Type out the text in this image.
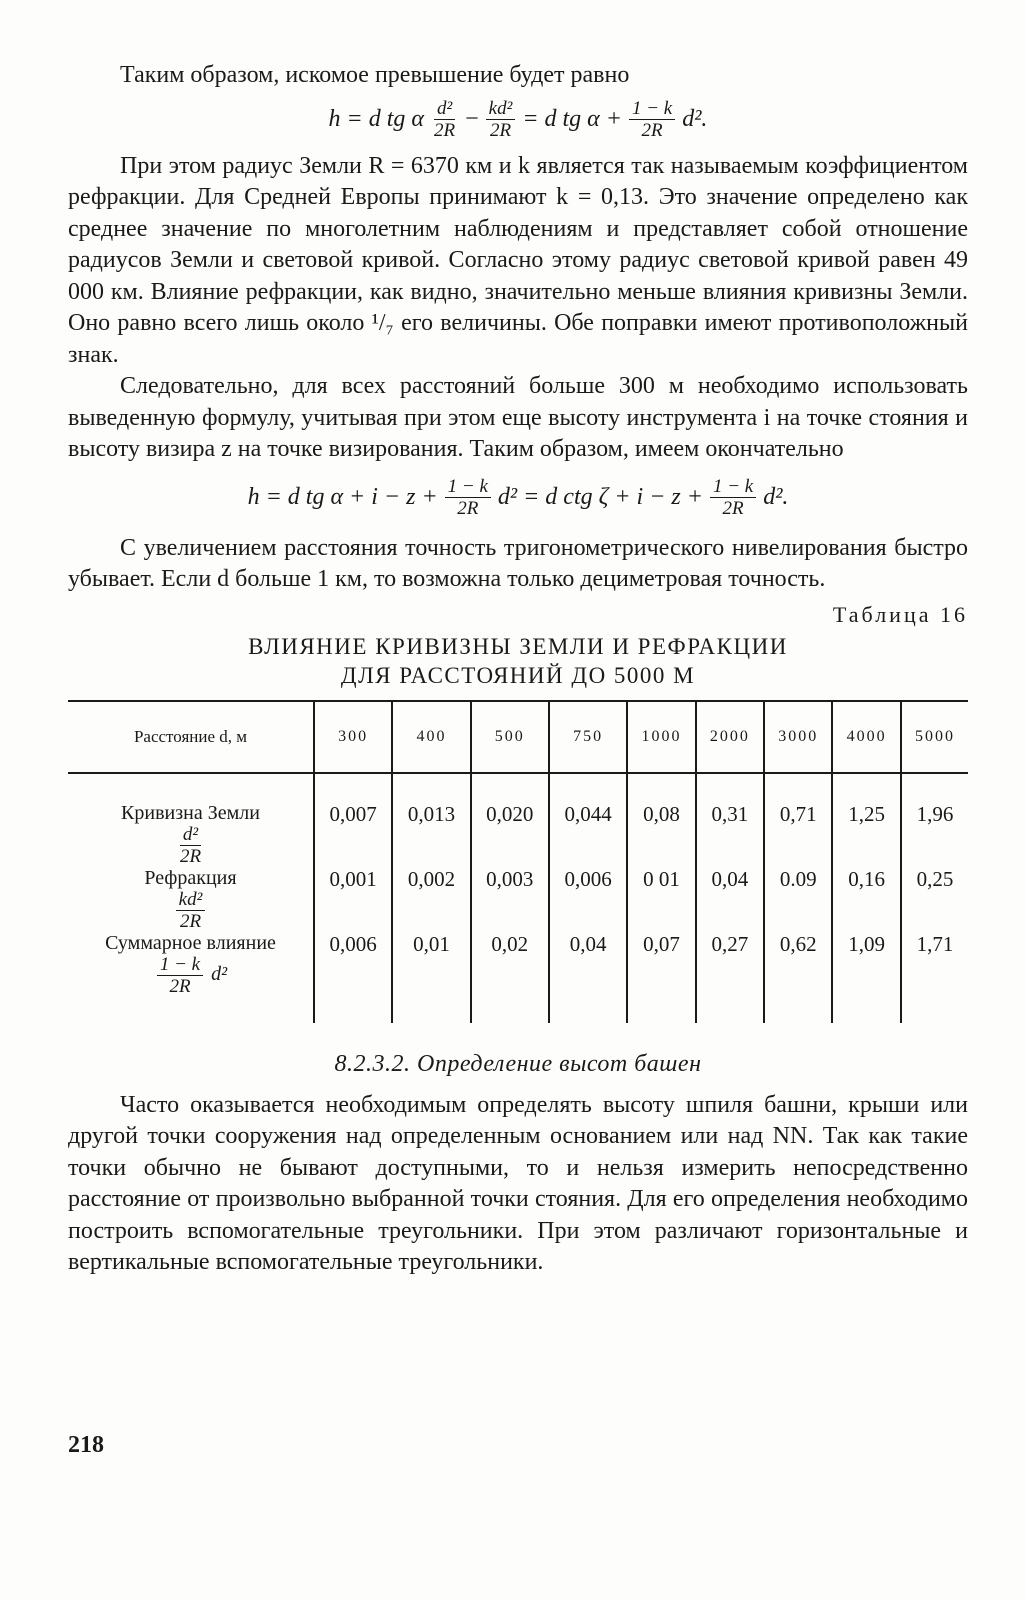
Таким образом, искомое превышение будет равно

h = d tg α $\frac{\text{d²}}{2R} - \frac{\text{kd²}}{2R} = d$ tg $\alpha + \frac{1 - k}{2R} d^2$.

При этом радиус Земли R = 6370 км и k является так называемым коэффициентом рефракции. Для Средней Европы принимают k = 0,13. Это значение определено как среднее значение по многолетним наблюдениям и представляет собой отношение радиусов Земли и световой кривой. Согласно этому радиус световой кривой равен 49 000 км. Влияние рефракции, как видно, значительно меньше влияния кривизны Земли. Оно равно всего лишь около ¹/₇ его величины. Обе поправки имеют противоположный знак.

Следовательно, для всех расстояний больше 300 м необходимо использовать выведенную формулу, учитывая при этом еще высоту инструмента i на точке стояния и высоту визира z на точке визирования. Таким образом, имеем окончательно

h = d tg $\alpha + i - z + \frac{1 - k}{2R} d^2 = d$ ctg $\zeta + i - z + \frac{1 - k}{2R} d^2$.

С увеличением расстояния точность тригонометрического нивелирования быстро убывает. Если d больше 1 км, то возможна только дециметровая точность.

Таблица 16

ВЛИЯНИЕ КРИВИЗНЫ ЗЕМЛИ И РЕФРАКЦИИ
ДЛЯ РАССТОЯНИЙ ДО 5000 М
Расстояние d, м	300	400	500	750	1000	2000	3000	4000	5000

Кривизна Земли
$\frac{\text{d²}}{2R}$	0,007	0,013	0,020	0,044	0,08	0,31	0,71	1,25	1,96

Рефракция
$\frac{\text{kd²}}{2R}$	0,001	0,002	0,003	0,006	0 01	0,04	0.09	0,16	0,25

Суммарное влияние
$\frac{1 - k}{2R} d^2$	0,006	0,01	0,02	0,04	0,07	0,27	0,62	1,09	1,71
8.2.3.2. Определение высот башен

Часто оказывается необходимым определять высоту шпиля башни, крыши или другой точки сооружения над определенным основанием или над NN. Так как такие точки обычно не бывают доступными, то и нельзя измерить непосредственно расстояние от произвольно выбранной точки стояния. Для его определения необходимо построить вспомогательные треугольники. При этом различают горизонтальные и вертикальные вспомогательные треугольники.

218
